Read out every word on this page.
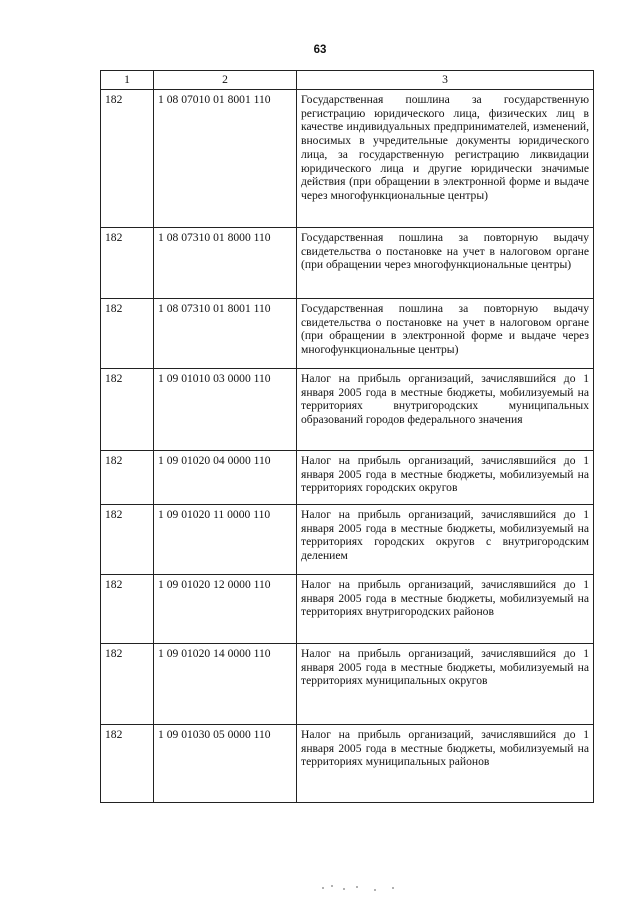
63
1	2	3
182	1 08 07010 01 8001 110	Государственная пошлина за государственную регистрацию юридического лица, физических лиц в качестве индивидуальных предпринимателей, изменений, вносимых в учредительные документы юридического лица, за государственную регистрацию ликвидации юридического лица и другие юридически значимые действия (при обращении в электронной форме и выдаче через многофункциональные центры)
182	1 08 07310 01 8000 110	Государственная пошлина за повторную выдачу свидетельства о постановке на учет в налоговом органе (при обращении через многофункциональные центры)
182	1 08 07310 01 8001 110	Государственная пошлина за повторную выдачу свидетельства о постановке на учет в налоговом органе (при обращении в электронной форме и выдаче через многофункциональные центры)
182	1 09 01010 03 0000 110	Налог на прибыль организаций, зачислявшийся до 1 января 2005 года в местные бюджеты, мобилизуемый на территориях внутригородских муниципальных образований городов федерального значения
182	1 09 01020 04 0000 110	Налог на прибыль организаций, зачислявшийся до 1 января 2005 года в местные бюджеты, мобилизуемый на территориях городских округов
182	1 09 01020 11 0000 110	Налог на прибыль организаций, зачислявшийся до 1 января 2005 года в местные бюджеты, мобилизуемый на территориях городских округов с внутригородским делением
182	1 09 01020 12 0000 110	Налог на прибыль организаций, зачислявшийся до 1 января 2005 года в местные бюджеты, мобилизуемый на территориях внутригородских районов
182	1 09 01020 14 0000 110	Налог на прибыль организаций, зачислявшийся до 1 января 2005 года в местные бюджеты, мобилизуемый на территориях муниципальных округов
182	1 09 01030 05 0000 110	Налог на прибыль организаций, зачислявшийся до 1 января 2005 года в местные бюджеты, мобилизуемый на территориях муниципальных районов
